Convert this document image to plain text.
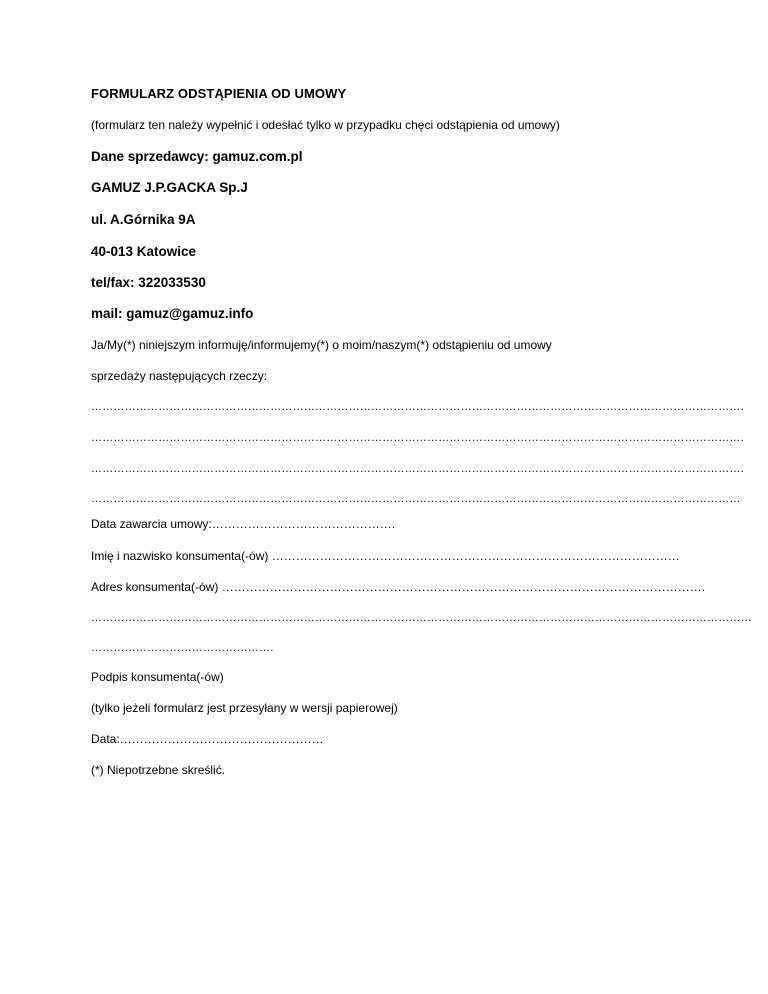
FORMULARZ ODSTĄPIENIA OD UMOWY
(formularz ten należy wypełnić i odesłać tylko w przypadku chęci odstąpienia od umowy)
Dane sprzedawcy: gamuz.com.pl
GAMUZ J.P.GACKA Sp.J
ul. A.Górnika 9A
40-013 Katowice
tel/fax: 322033530
mail: gamuz@gamuz.info
Ja/My(*) niniejszym informuję/informujemy(*) o moim/naszym(*) odstąpieniu od umowy
sprzedaży następujących rzeczy:
………………………………………………………………………………………………………………………………………………………….
………………………………………………………………………………………………………………………………………………………….
………………………………………………………………………………………………………………………………………………………….
…………………………………………………………………………………………………………………………………………………………
Data zawarcia umowy:……………………………………….
Imię i nazwisko konsumenta(-ów) …………………………………………………………………………………………
Adres konsumenta(-ów) ………………………………………………………………………………………………………….
……………………………………………………………………………………………………………………………………………………………
………………………………………….
Podpis konsumenta(-ów)
(tylko jeżeli formularz jest przesyłany w wersji papierowej)
Data:……………………………………………
(*) Niepotrzebne skreślić.
